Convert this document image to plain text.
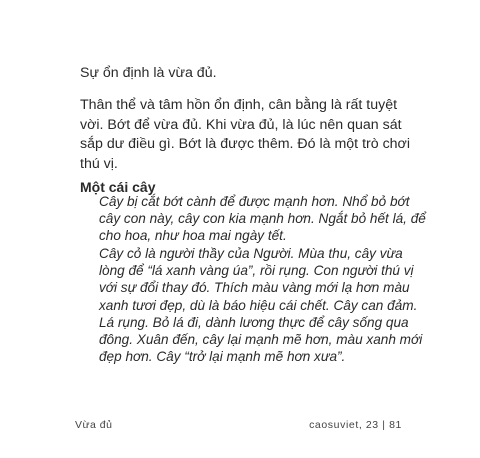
Sự ổn định là vừa đủ.

Thân thể và tâm hồn ổn định, cân bằng là rất tuyệt vời. Bớt để vừa đủ. Khi vừa đủ, là lúc nên quan sát sắp dư điều gì. Bớt là được thêm. Đó là một trò chơi thú vị.

Một cái cây

Cây bị cắt bớt cành để được mạnh hơn. Nhổ bỏ bớt cây con này, cây con kia mạnh hơn. Ngắt bỏ hết lá, để cho hoa, như hoa mai ngày tết.

Cây cỏ là người thầy của Người. Mùa thu, cây vừa lòng để “lá xanh vàng úa”, rồi rụng. Con người thú vị với sự đổi thay đó. Thích màu vàng mới lạ hơn màu xanh tươi đẹp, dù là báo hiệu cái chết. Cây can đảm. Lá rụng. Bỏ lá đi, dành lương thực để cây sống qua đông. Xuân đến, cây lại mạnh mẽ hơn, màu xanh mới đẹp hơn. Cây “trở lại mạnh mẽ hơn xưa”.

Vừa đủ	caosuviet, 23 | 81
